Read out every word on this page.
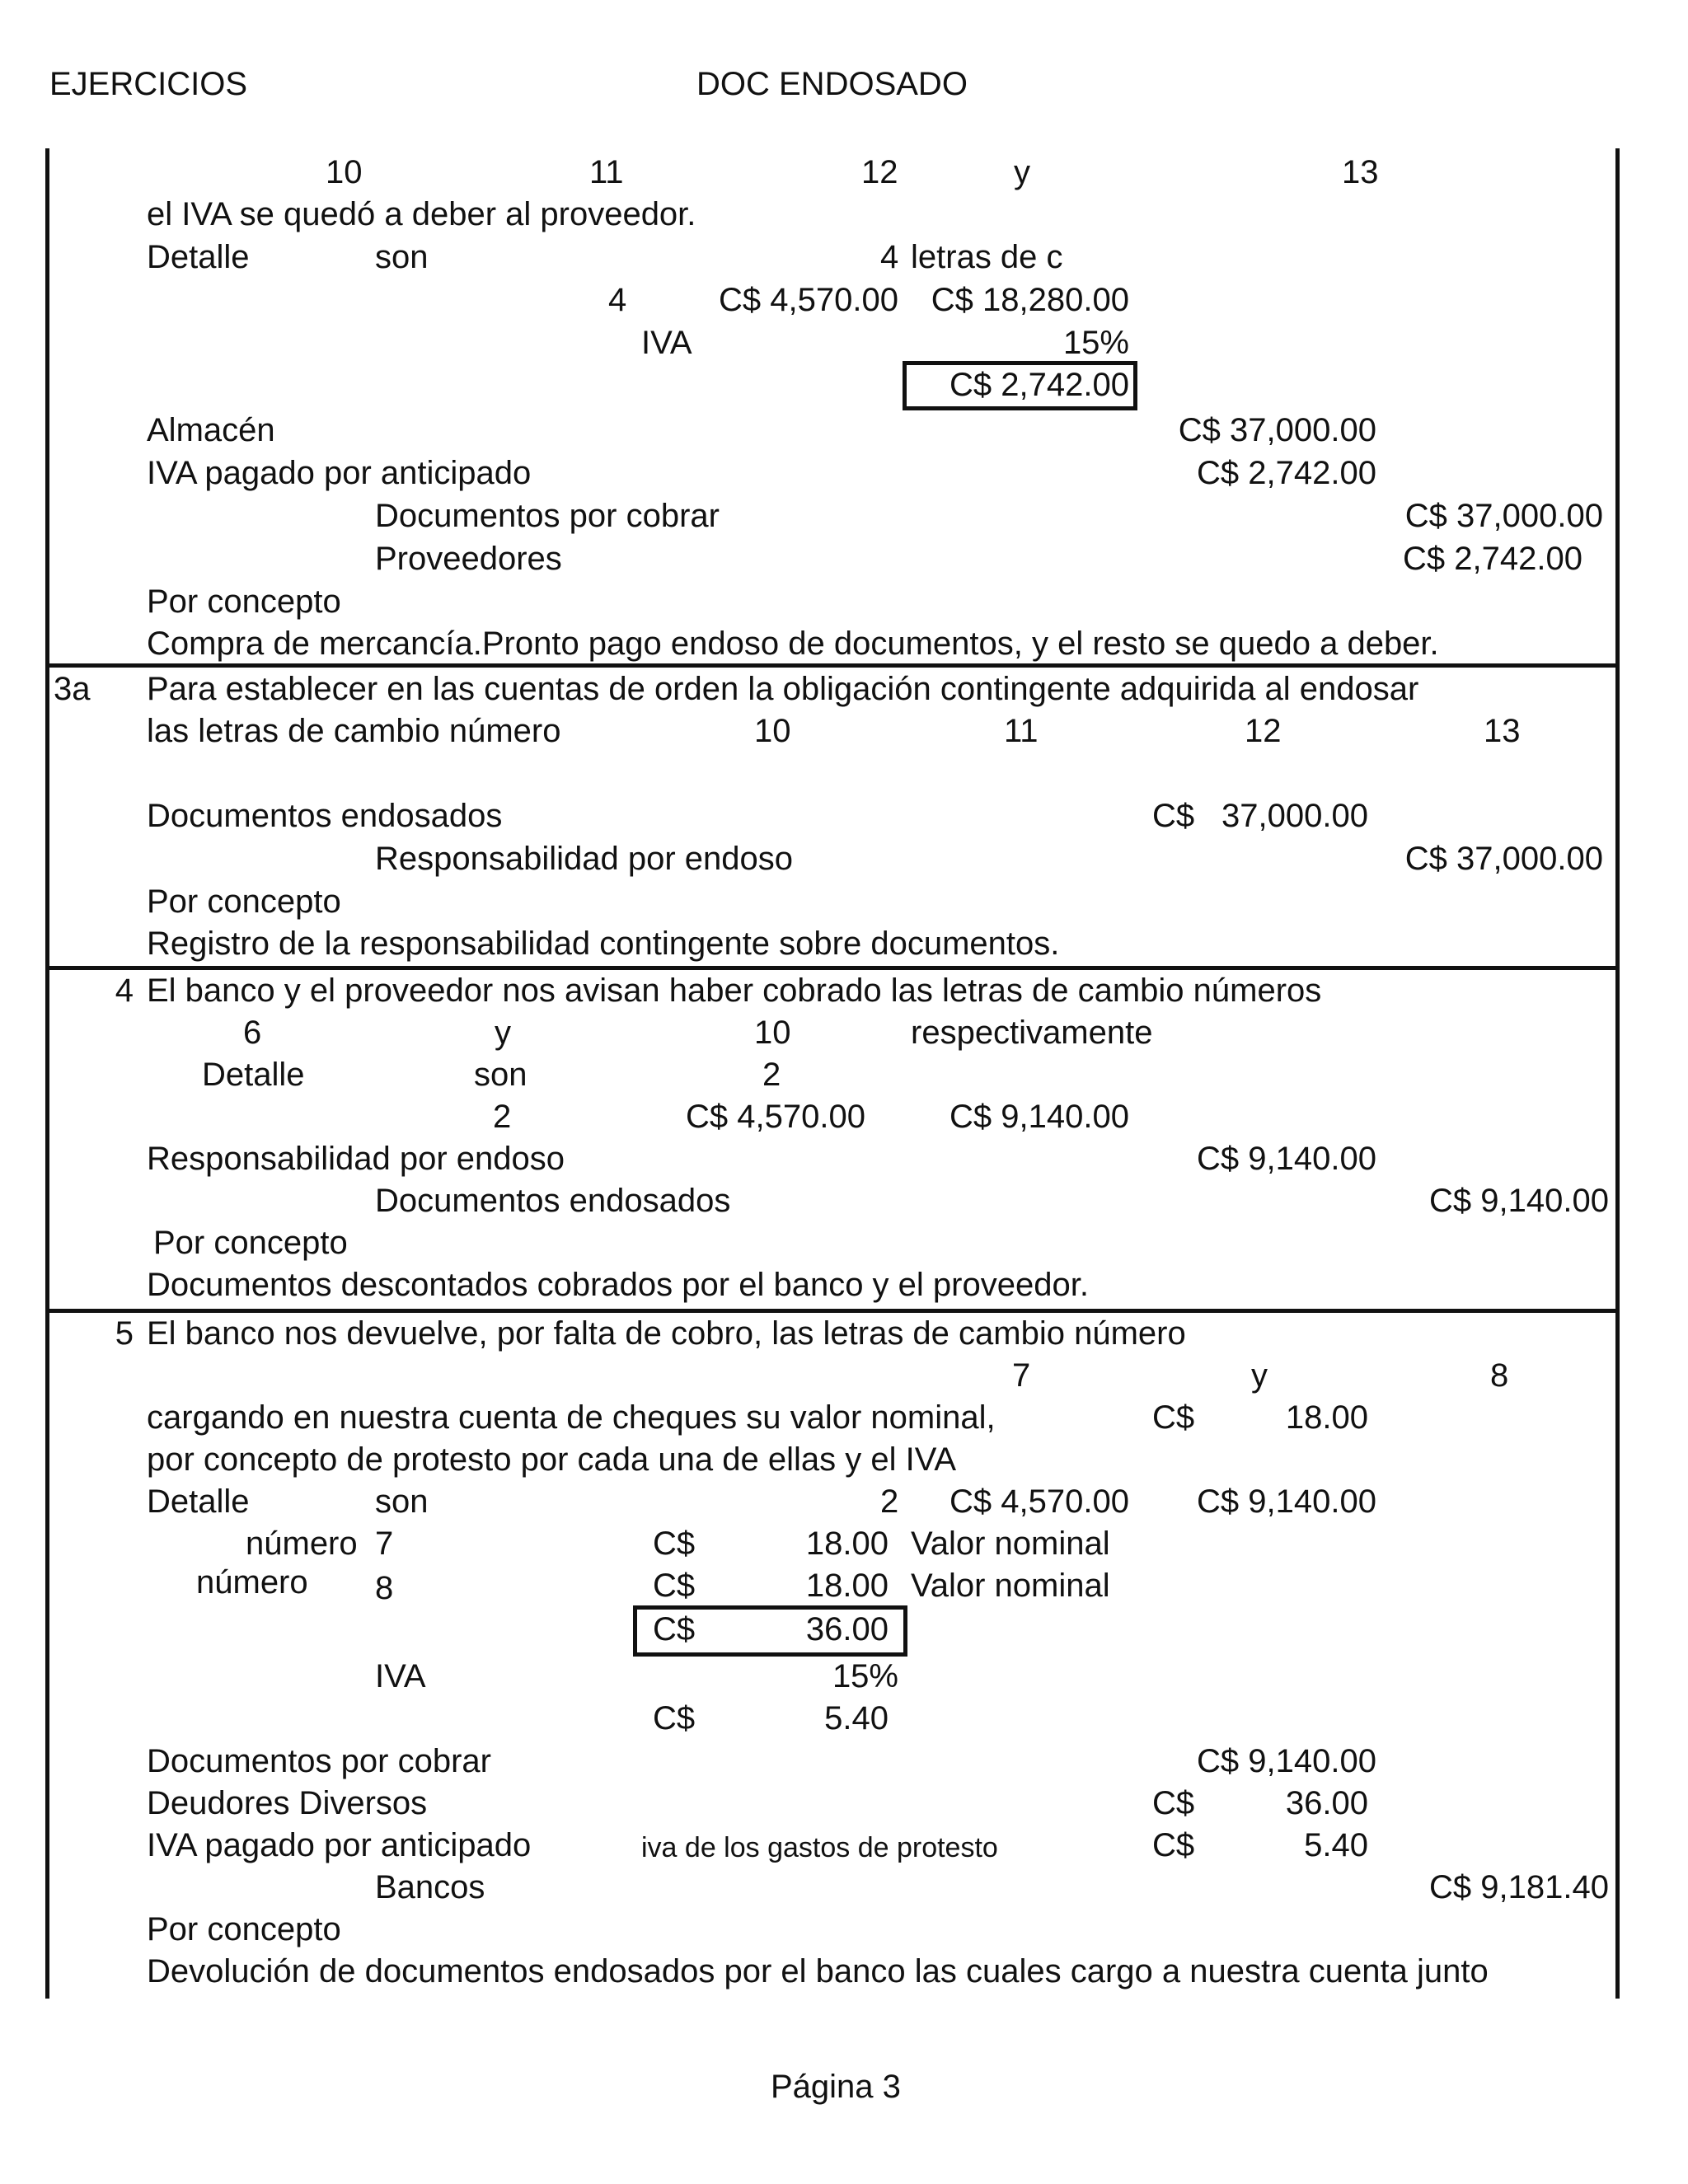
EJERCICIOS	DOC ENDOSADO
10	11	12	y	13
el IVA se quedó a deber al proveedor.
Detalle	son	4 letras de c
4	C$ 4,570.00 C$ 18,280.00
IVA	15%
C$ 2,742.00
Almacén	C$ 37,000.00
IVA pagado por anticipado	C$ 2,742.00
Documentos por cobrar	C$ 37,000.00
Proveedores	C$ 2,742.00
Por concepto
Compra de mercancía.Pronto pago endoso de documentos, y el resto se quedo a deber.
3a Para establecer en las cuentas de orden la obligación contingente adquirida al endosar
las letras de cambio número	10	11	12	13
Documentos endosados	C$ 37,000.00
Responsabilidad por endoso	C$ 37,000.00
Por concepto
Registro de la responsabilidad contingente sobre documentos.
4 El banco y el proveedor nos avisan haber cobrado las letras de cambio números
6	y	10	respectivamente
Detalle	son	2
2	C$ 4,570.00	C$ 9,140.00
Responsabilidad por endoso	C$ 9,140.00
Documentos endosados	C$ 9,140.00
Por concepto
Documentos descontados cobrados por el banco y el proveedor.
5 El banco nos devuelve, por falta de cobro, las letras de cambio número
7	y	8
cargando en nuestra cuenta de cheques su valor nominal,	C$	18.00
por concepto de protesto por cada una de ellas y el IVA
Detalle	son	2	C$ 4,570.00	C$ 9,140.00
número 7	C$	18.00 Valor nominal
número 8	C$	18.00 Valor nominal
C$	36.00
IVA	15%
C$	5.40
Documentos por cobrar	C$ 9,140.00
Deudores Diversos	C$	36.00
IVA pagado por anticipado	iva de los gastos de protesto	C$	5.40
Bancos	C$ 9,181.40
Por concepto
Devolución de documentos endosados por el banco las cuales cargo a nuestra cuenta junto
Página 3
